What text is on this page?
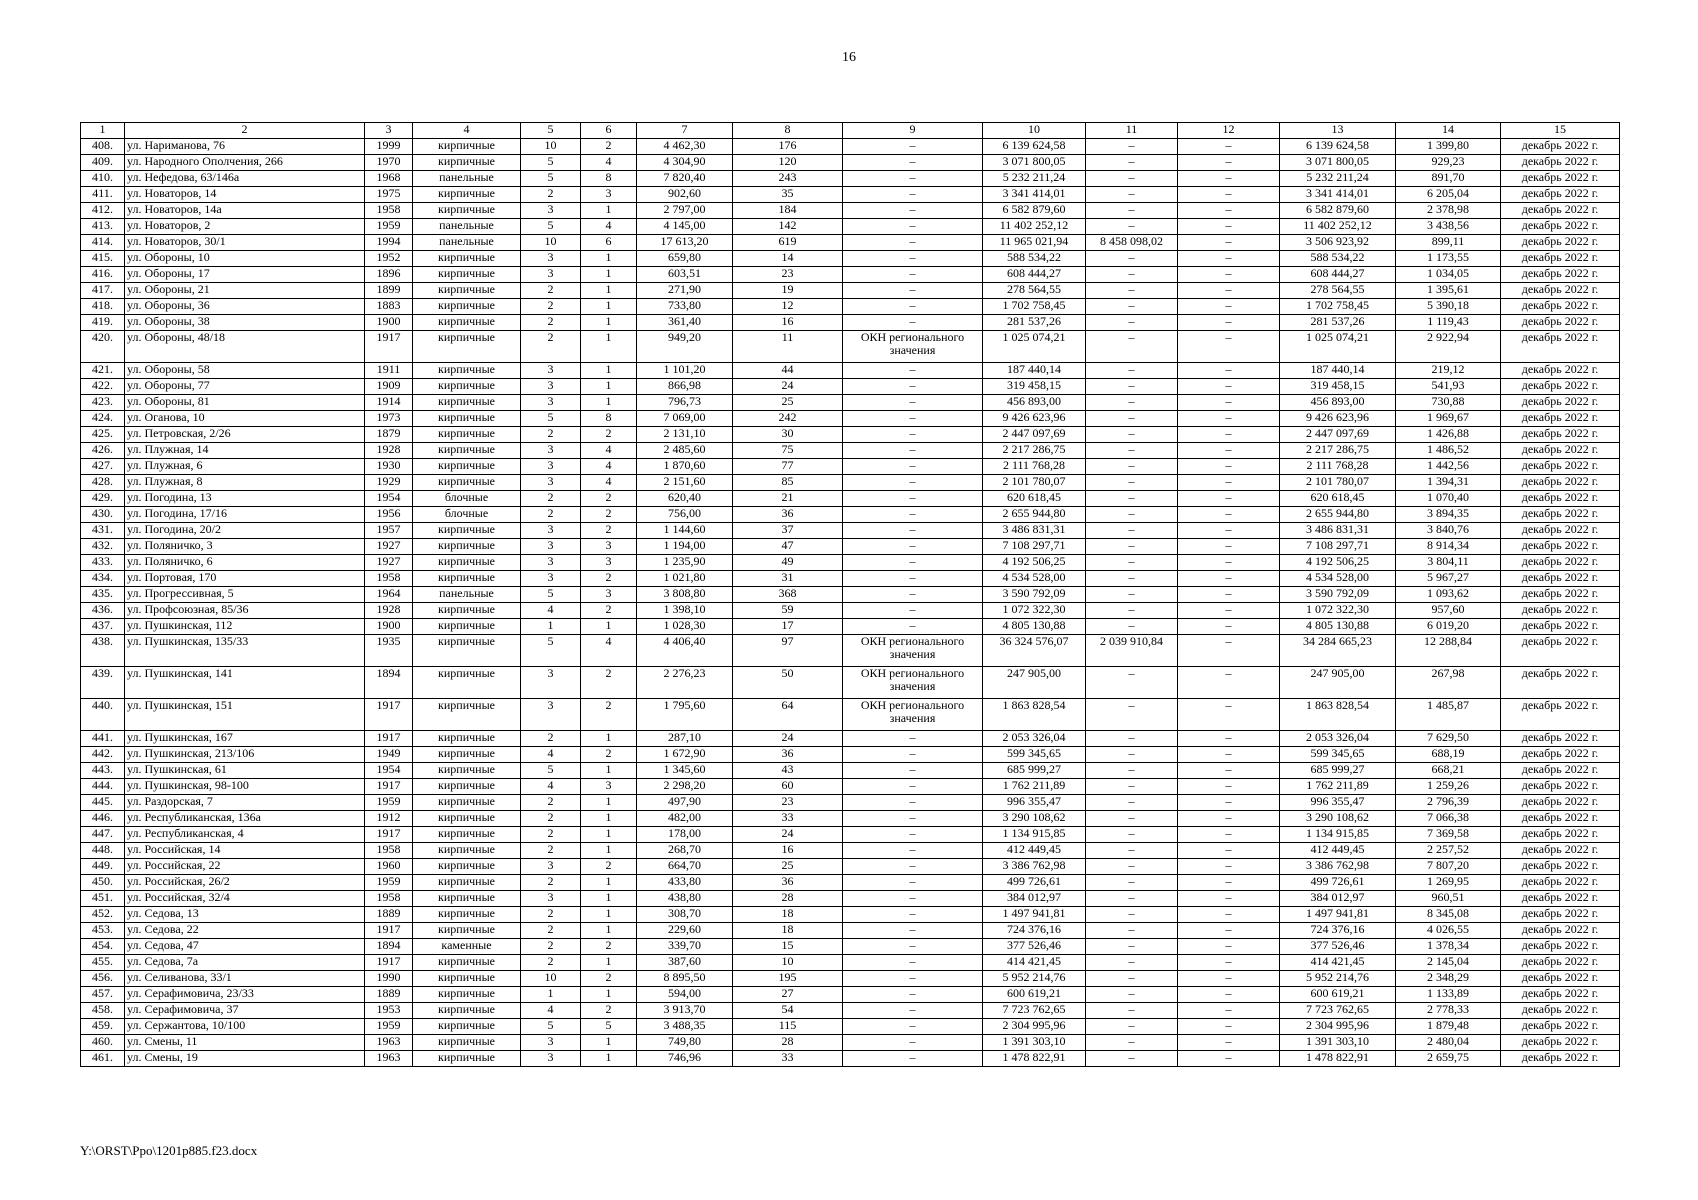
16
1	2	3	4	5	6	7	8	9	10	11	12	13	14	15
408.	ул. Нариманова, 76	1999	кирпичные	10	2	4 462,30	176	–	6 139 624,58	–	–	6 139 624,58	1 399,80	декабрь 2022 г.
409.	ул. Народного Ополчения, 266	1970	кирпичные	5	4	4 304,90	120	–	3 071 800,05	–	–	3 071 800,05	929,23	декабрь 2022 г.
410.	ул. Нефедова, 63/146а	1968	панельные	5	8	7 820,40	243	–	5 232 211,24	–	–	5 232 211,24	891,70	декабрь 2022 г.
411.	ул. Новаторов, 14	1975	кирпичные	2	3	902,60	35	–	3 341 414,01	–	–	3 341 414,01	6 205,04	декабрь 2022 г.
412.	ул. Новаторов, 14а	1958	кирпичные	3	1	2 797,00	184	–	6 582 879,60	–	–	6 582 879,60	2 378,98	декабрь 2022 г.
413.	ул. Новаторов, 2	1959	панельные	5	4	4 145,00	142	–	11 402 252,12	–	–	11 402 252,12	3 438,56	декабрь 2022 г.
414.	ул. Новаторов, 30/1	1994	панельные	10	6	17 613,20	619	–	11 965 021,94	8 458 098,02	–	3 506 923,92	899,11	декабрь 2022 г.
415.	ул. Обороны, 10	1952	кирпичные	3	1	659,80	14	–	588 534,22	–	–	588 534,22	1 173,55	декабрь 2022 г.
416.	ул. Обороны, 17	1896	кирпичные	3	1	603,51	23	–	608 444,27	–	–	608 444,27	1 034,05	декабрь 2022 г.
417.	ул. Обороны, 21	1899	кирпичные	2	1	271,90	19	–	278 564,55	–	–	278 564,55	1 395,61	декабрь 2022 г.
418.	ул. Обороны, 36	1883	кирпичные	2	1	733,80	12	–	1 702 758,45	–	–	1 702 758,45	5 390,18	декабрь 2022 г.
419.	ул. Обороны, 38	1900	кирпичные	2	1	361,40	16	–	281 537,26	–	–	281 537,26	1 119,43	декабрь 2022 г.
420.	ул. Обороны, 48/18	1917	кирпичные	2	1	949,20	11	ОКН регионального значения	1 025 074,21	–	–	1 025 074,21	2 922,94	декабрь 2022 г.
421.	ул. Обороны, 58	1911	кирпичные	3	1	1 101,20	44	–	187 440,14	–	–	187 440,14	219,12	декабрь 2022 г.
422.	ул. Обороны, 77	1909	кирпичные	3	1	866,98	24	–	319 458,15	–	–	319 458,15	541,93	декабрь 2022 г.
423.	ул. Обороны, 81	1914	кирпичные	3	1	796,73	25	–	456 893,00	–	–	456 893,00	730,88	декабрь 2022 г.
424.	ул. Оганова, 10	1973	кирпичные	5	8	7 069,00	242	–	9 426 623,96	–	–	9 426 623,96	1 969,67	декабрь 2022 г.
425.	ул. Петровская, 2/26	1879	кирпичные	2	2	2 131,10	30	–	2 447 097,69	–	–	2 447 097,69	1 426,88	декабрь 2022 г.
426.	ул. Плужная, 14	1928	кирпичные	3	4	2 485,60	75	–	2 217 286,75	–	–	2 217 286,75	1 486,52	декабрь 2022 г.
427.	ул. Плужная, 6	1930	кирпичные	3	4	1 870,60	77	–	2 111 768,28	–	–	2 111 768,28	1 442,56	декабрь 2022 г.
428.	ул. Плужная, 8	1929	кирпичные	3	4	2 151,60	85	–	2 101 780,07	–	–	2 101 780,07	1 394,31	декабрь 2022 г.
429.	ул. Погодина, 13	1954	блочные	2	2	620,40	21	–	620 618,45	–	–	620 618,45	1 070,40	декабрь 2022 г.
430.	ул. Погодина, 17/16	1956	блочные	2	2	756,00	36	–	2 655 944,80	–	–	2 655 944,80	3 894,35	декабрь 2022 г.
431.	ул. Погодина, 20/2	1957	кирпичные	3	2	1 144,60	37	–	3 486 831,31	–	–	3 486 831,31	3 840,76	декабрь 2022 г.
432.	ул. Поляничко, 3	1927	кирпичные	3	3	1 194,00	47	–	7 108 297,71	–	–	7 108 297,71	8 914,34	декабрь 2022 г.
433.	ул. Поляничко, 6	1927	кирпичные	3	3	1 235,90	49	–	4 192 506,25	–	–	4 192 506,25	3 804,11	декабрь 2022 г.
434.	ул. Портовая, 170	1958	кирпичные	3	2	1 021,80	31	–	4 534 528,00	–	–	4 534 528,00	5 967,27	декабрь 2022 г.
435.	ул. Прогрессивная, 5	1964	панельные	5	3	3 808,80	368	–	3 590 792,09	–	–	3 590 792,09	1 093,62	декабрь 2022 г.
436.	ул. Профсоюзная, 85/36	1928	кирпичные	4	2	1 398,10	59	–	1 072 322,30	–	–	1 072 322,30	957,60	декабрь 2022 г.
437.	ул. Пушкинская, 112	1900	кирпичные	1	1	1 028,30	17	–	4 805 130,88	–	–	4 805 130,88	6 019,20	декабрь 2022 г.
438.	ул. Пушкинская, 135/33	1935	кирпичные	5	4	4 406,40	97	ОКН регионального значения	36 324 576,07	2 039 910,84	–	34 284 665,23	12 288,84	декабрь 2022 г.
439.	ул. Пушкинская, 141	1894	кирпичные	3	2	2 276,23	50	ОКН регионального значения	247 905,00	–	–	247 905,00	267,98	декабрь 2022 г.
440.	ул. Пушкинская, 151	1917	кирпичные	3	2	1 795,60	64	ОКН регионального значения	1 863 828,54	–	–	1 863 828,54	1 485,87	декабрь 2022 г.
441.	ул. Пушкинская, 167	1917	кирпичные	2	1	287,10	24	–	2 053 326,04	–	–	2 053 326,04	7 629,50	декабрь 2022 г.
442.	ул. Пушкинская, 213/106	1949	кирпичные	4	2	1 672,90	36	–	599 345,65	–	–	599 345,65	688,19	декабрь 2022 г.
443.	ул. Пушкинская, 61	1954	кирпичные	5	1	1 345,60	43	–	685 999,27	–	–	685 999,27	668,21	декабрь 2022 г.
444.	ул. Пушкинская, 98-100	1917	кирпичные	4	3	2 298,20	60	–	1 762 211,89	–	–	1 762 211,89	1 259,26	декабрь 2022 г.
445.	ул. Раздорская, 7	1959	кирпичные	2	1	497,90	23	–	996 355,47	–	–	996 355,47	2 796,39	декабрь 2022 г.
446.	ул. Республиканская, 136а	1912	кирпичные	2	1	482,00	33	–	3 290 108,62	–	–	3 290 108,62	7 066,38	декабрь 2022 г.
447.	ул. Республиканская, 4	1917	кирпичные	2	1	178,00	24	–	1 134 915,85	–	–	1 134 915,85	7 369,58	декабрь 2022 г.
448.	ул. Российская, 14	1958	кирпичные	2	1	268,70	16	–	412 449,45	–	–	412 449,45	2 257,52	декабрь 2022 г.
449.	ул. Российская, 22	1960	кирпичные	3	2	664,70	25	–	3 386 762,98	–	–	3 386 762,98	7 807,20	декабрь 2022 г.
450.	ул. Российская, 26/2	1959	кирпичные	2	1	433,80	36	–	499 726,61	–	–	499 726,61	1 269,95	декабрь 2022 г.
451.	ул. Российская, 32/4	1958	кирпичные	3	1	438,80	28	–	384 012,97	–	–	384 012,97	960,51	декабрь 2022 г.
452.	ул. Седова, 13	1889	кирпичные	2	1	308,70	18	–	1 497 941,81	–	–	1 497 941,81	8 345,08	декабрь 2022 г.
453.	ул. Седова, 22	1917	кирпичные	2	1	229,60	18	–	724 376,16	–	–	724 376,16	4 026,55	декабрь 2022 г.
454.	ул. Седова, 47	1894	каменные	2	2	339,70	15	–	377 526,46	–	–	377 526,46	1 378,34	декабрь 2022 г.
455.	ул. Седова, 7а	1917	кирпичные	2	1	387,60	10	–	414 421,45	–	–	414 421,45	2 145,04	декабрь 2022 г.
456.	ул. Селиванова, 33/1	1990	кирпичные	10	2	8 895,50	195	–	5 952 214,76	–	–	5 952 214,76	2 348,29	декабрь 2022 г.
457.	ул. Серафимовича, 23/33	1889	кирпичные	1	1	594,00	27	–	600 619,21	–	–	600 619,21	1 133,89	декабрь 2022 г.
458.	ул. Серафимовича, 37	1953	кирпичные	4	2	3 913,70	54	–	7 723 762,65	–	–	7 723 762,65	2 778,33	декабрь 2022 г.
459.	ул. Сержантова, 10/100	1959	кирпичные	5	5	3 488,35	115	–	2 304 995,96	–	–	2 304 995,96	1 879,48	декабрь 2022 г.
460.	ул. Смены, 11	1963	кирпичные	3	1	749,80	28	–	1 391 303,10	–	–	1 391 303,10	2 480,04	декабрь 2022 г.
461.	ул. Смены, 19	1963	кирпичные	3	1	746,96	33	–	1 478 822,91	–	–	1 478 822,91	2 659,75	декабрь 2022 г.
Y:\ORST\Ppo\1201p885.f23.docx
